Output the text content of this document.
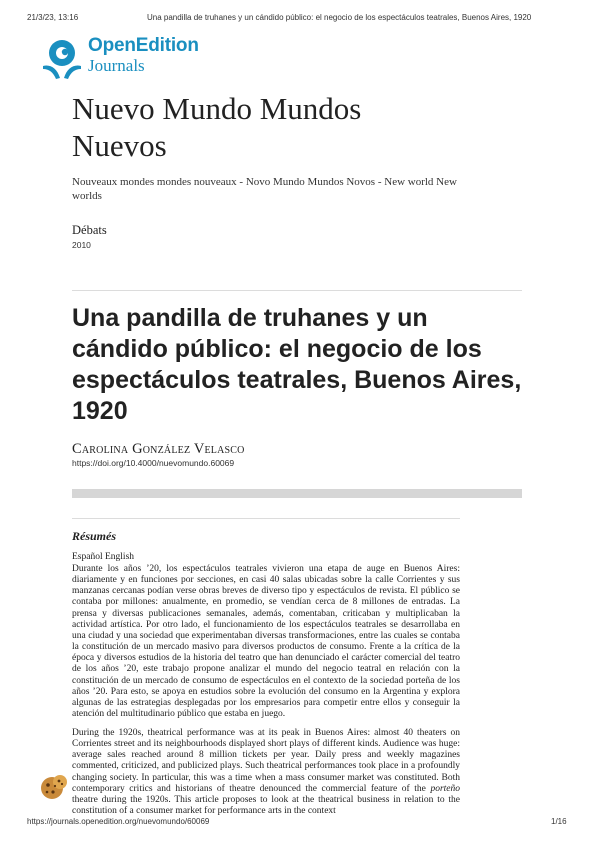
21/3/23, 13:16	Una pandilla de truhanes y un cándido público: el negocio de los espectáculos teatrales, Buenos Aires, 1920
OpenEdition
Journals
Nuevo Mundo Mundos Nuevos
Nouveaux mondes mondes nouveaux - Novo Mundo Mundos Novos - New world New worlds
Débats
2010
Una pandilla de truhanes y un cándido público: el negocio de los espectáculos teatrales, Buenos Aires, 1920
Carolina González Velasco
https://doi.org/10.4000/nuevomundo.60069
Résumés
Español English

Durante los años ’20, los espectáculos teatrales vivieron una etapa de auge en Buenos Aires: diariamente y en funciones por secciones, en casi 40 salas ubicadas sobre la calle Corrientes y sus manzanas cercanas podían verse obras breves de diverso tipo y espectáculos de revista. El público se contaba por millones: anualmente, en promedio, se vendían cerca de 8 millones de entradas. La prensa y diversas publicaciones semanales, además, comentaban, criticaban y multiplicaban la actividad artística. Por otro lado, el funcionamiento de los espectáculos teatrales se desarrollaba en una ciudad y una sociedad que experimentaban diversas transformaciones, entre las cuales se contaba la constitución de un mercado masivo para diversos productos de consumo. Frente a la crítica de la época y diversos estudios de la historia del teatro que han denunciado el carácter comercial del teatro de los años ’20, este trabajo propone analizar el mundo del negocio teatral en relación con la constitución de un mercado de consumo de espectáculos en el contexto de la sociedad porteña de los años ’20. Para esto, se apoya en estudios sobre la evolución del consumo en la Argentina y explora algunas de las estrategias desplegadas por los empresarios para competir entre ellos y conseguir la atención del multitudinario público que estaba en juego.

During the 1920s, theatrical performance was at its peak in Buenos Aires: almost 40 theaters on Corrientes street and its neighbourhoods displayed short plays of different kinds. Audience was huge: average sales reached around 8 million tickets per year. Daily press and weekly magazines commented, criticized, and publicized plays. Such theatrical performances took place in a profoundly changing society. In particular, this was a time when a mass consumer market was constituted. Both contemporary critics and historians of theatre denounced the commercial feature of the porteño theatre during the 1920s. This article proposes to look at the theatrical business in relation to the constitution of a consumer market for performance arts in the context

https://journals.openedition.org/nuevomundo/60069	1/16
